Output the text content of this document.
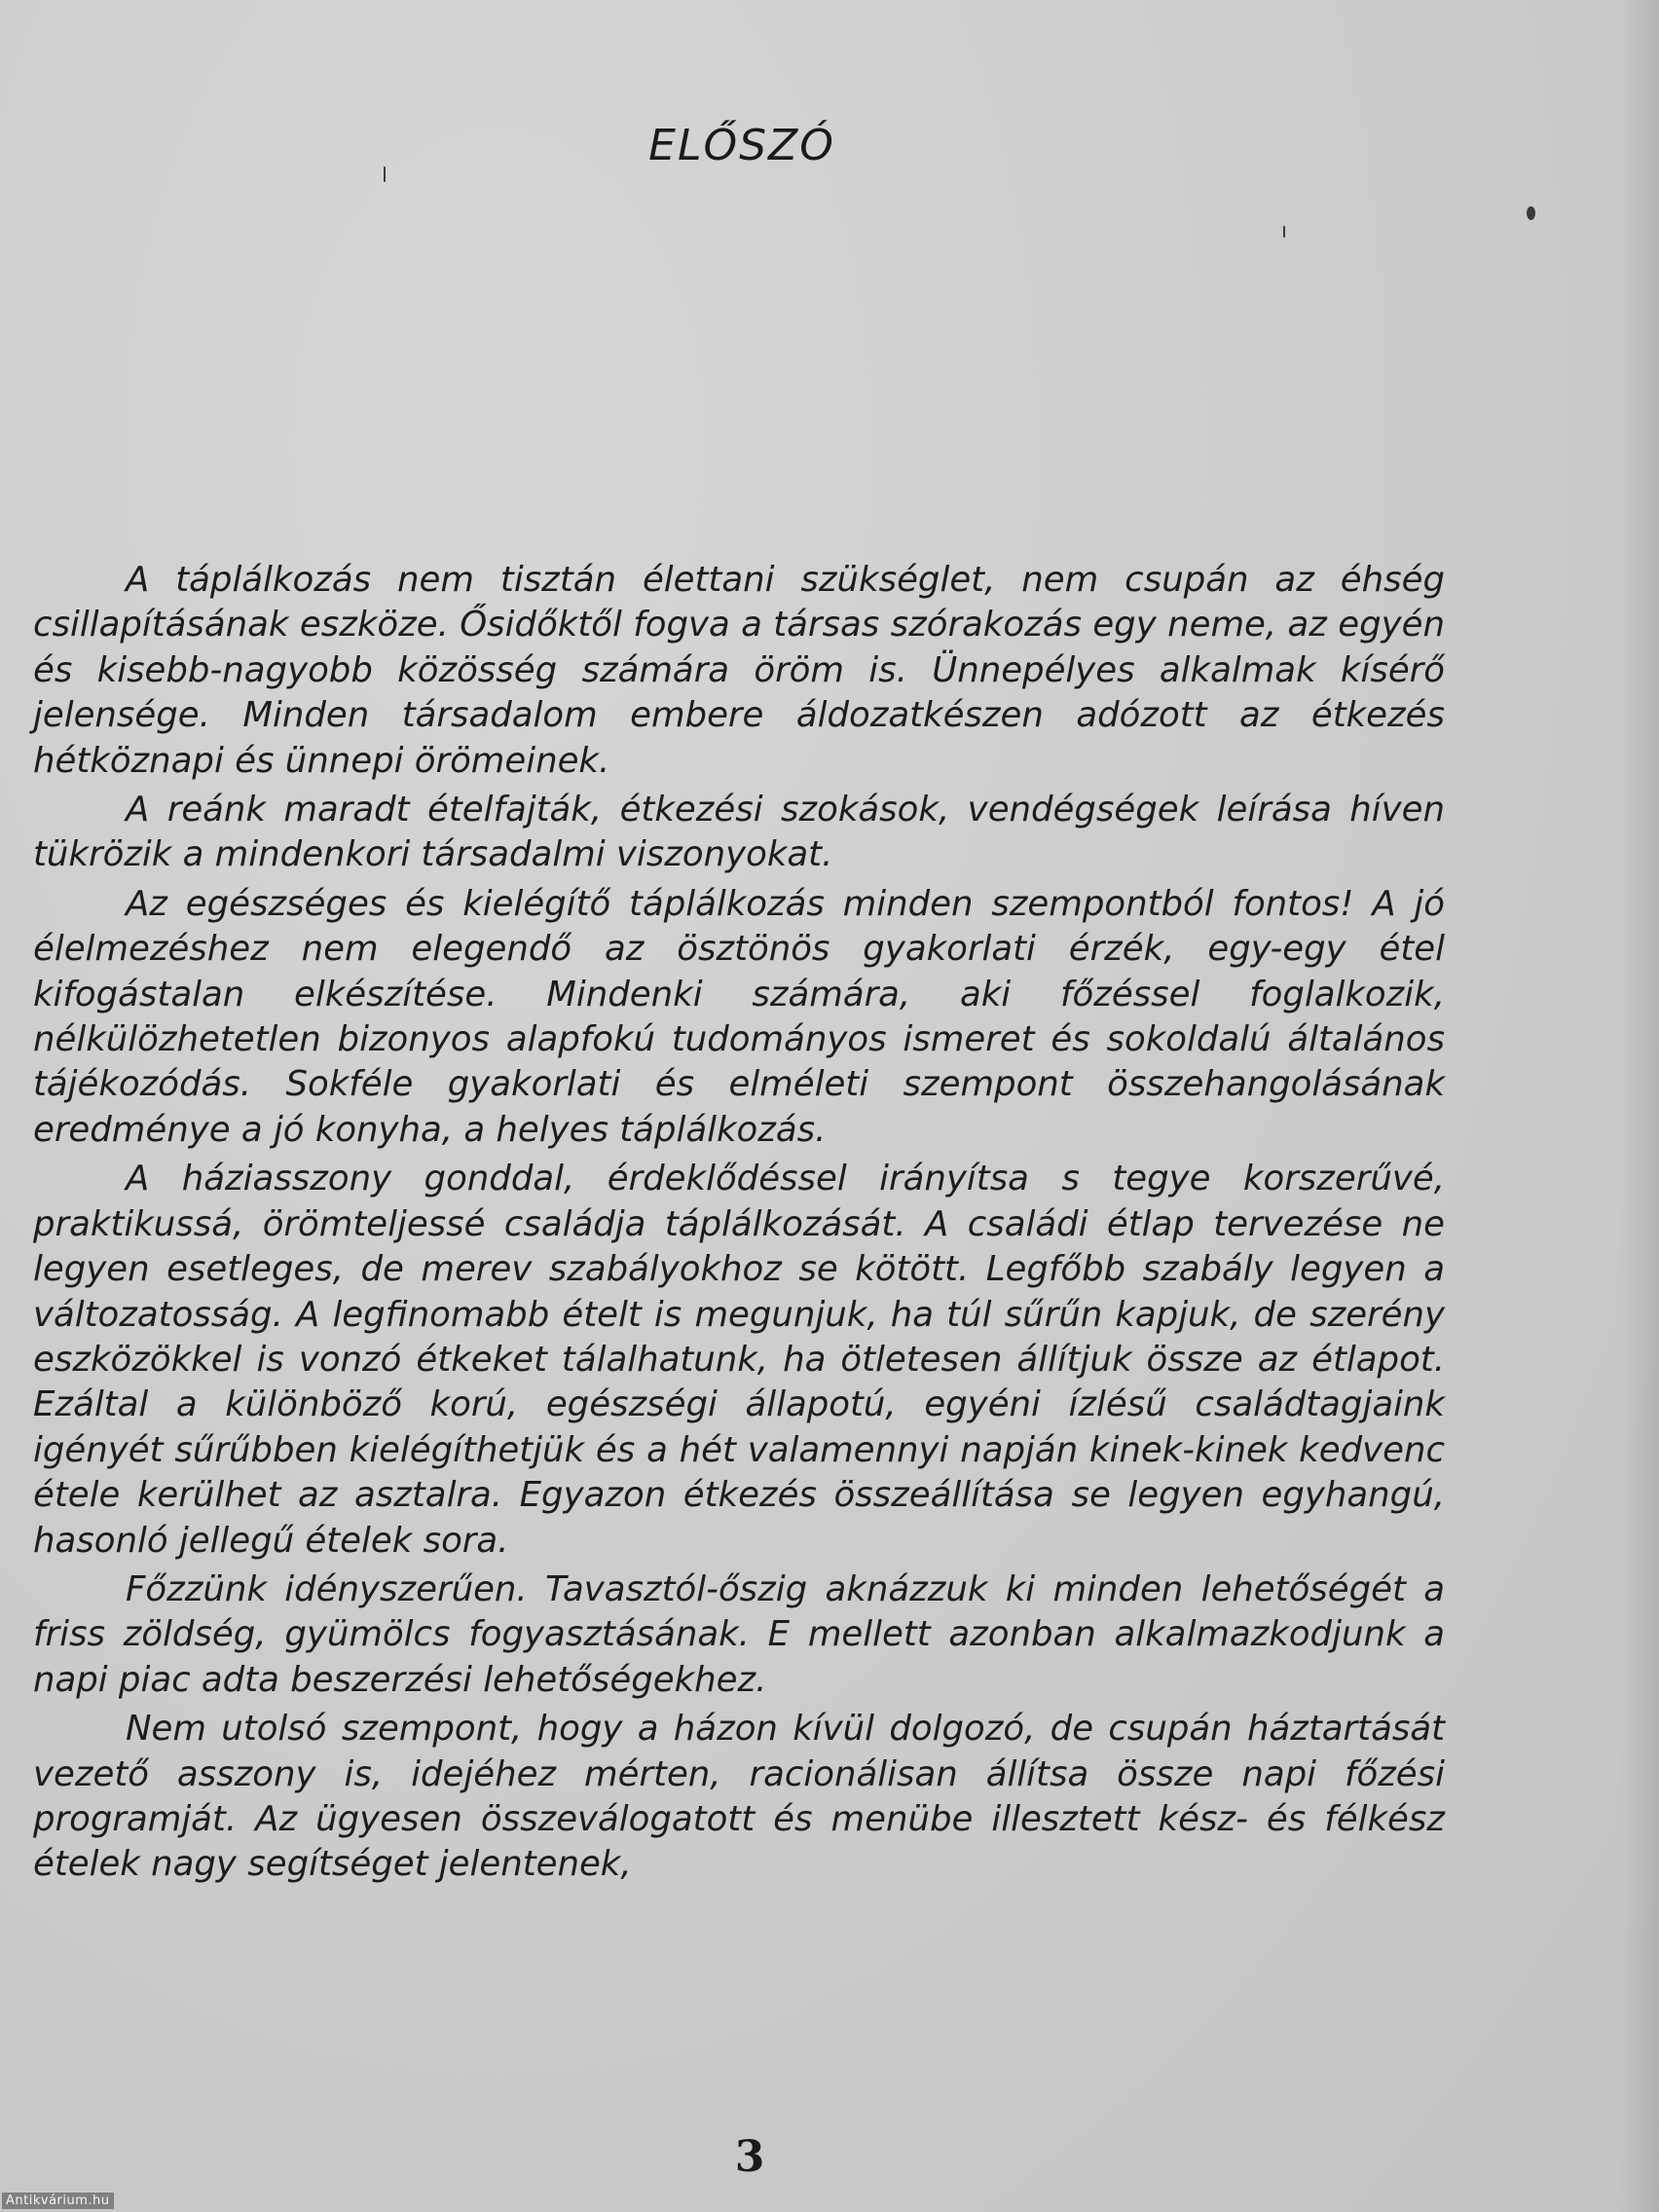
ELŐSZÓ

A táplálkozás nem tisztán élettani szükséglet, nem csupán az éhség csillapításának eszköze. Ősidőktől fogva a társas szórakozás egy neme, az egyén és kisebb-nagyobb közösség számára öröm is. Ünnepélyes alkalmak kísérő jelensége. Minden társadalom embere áldozatkészen adózott az étkezés hétköznapi és ünnepi örömeinek.

A reánk maradt ételfajták, étkezési szokások, vendégségek leírása híven tükrözik a mindenkori társadalmi viszonyokat.

Az egészséges és kielégítő táplálkozás minden szempontból fontos! A jó élelmezéshez nem elegendő az ösztönös gyakorlati érzék, egy-egy étel kifogástalan elkészítése. Mindenki számára, aki főzéssel foglalkozik, nélkülözhetetlen bizonyos alapfokú tudományos ismeret és sokoldalú általános tájékozódás. Sokféle gyakorlati és elméleti szempont összehangolásának eredménye a jó konyha, a helyes táplálkozás.

A háziasszony gonddal, érdeklődéssel irányítsa s tegye korszerűvé, praktikussá, örömteljessé családja táplálkozását. A családi étlap tervezése ne legyen esetleges, de merev szabályokhoz se kötött. Legfőbb szabály legyen a változatosság. A legfinomabb ételt is megunjuk, ha túl sűrűn kapjuk, de szerény eszközökkel is vonzó étkeket tálalhatunk, ha ötletesen állítjuk össze az étlapot. Ezáltal a különböző korú, egészségi állapotú, egyéni ízlésű családtagjaink igényét sűrűbben kielégíthetjük és a hét valamennyi napján kinek-kinek kedvenc étele kerülhet az asztalra. Egyazon étkezés összeállítása se legyen egyhangú, hasonló jellegű ételek sora.

Főzzünk idényszerűen. Tavasztól-őszig aknázzuk ki minden lehetőségét a friss zöldség, gyümölcs fogyasztásának. E mellett azonban alkalmazkodjunk a napi piac adta beszerzési lehetőségekhez.

Nem utolsó szempont, hogy a házon kívül dolgozó, de csupán háztartását vezető asszony is, idejéhez mérten, racionálisan állítsa össze napi főzési programját. Az ügyesen összeválogatott és menübe illesztett kész- és félkész ételek nagy segítséget jelentenek,

3
Antikvárium.hu
